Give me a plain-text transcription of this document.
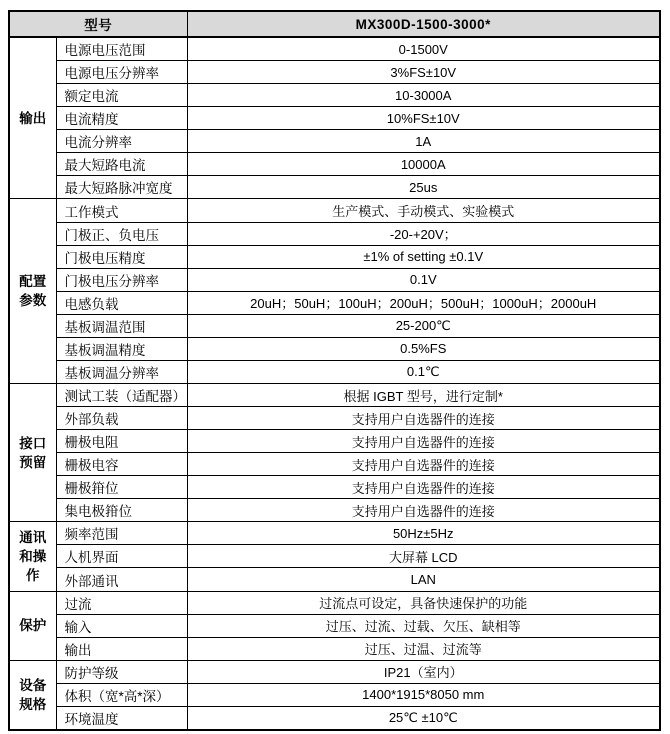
型号		MX300D-1500-3000*
输出	电源电压范围	0-1500V
	电源电压分辨率	3%FS±10V
	额定电流	10-3000A
	电流精度	10%FS±10V
	电流分辨率	1A
	最大短路电流	10000A
	最大短路脉冲宽度	25us
配置参数	工作模式	生产模式、手动模式、实验模式
	门极正、负电压	-20-+20V；
	门极电压精度	±1% of setting ±0.1V
	门极电压分辨率	0.1V
	电感负载	20uH；50uH；100uH；200uH；500uH；1000uH；2000uH
	基板调温范围	25-200℃
	基板调温精度	0.5%FS
	基板调温分辨率	0.1℃
接口预留	测试工装（适配器）	根据 IGBT 型号，进行定制*
	外部负载	支持用户自选器件的连接
	栅极电阻	支持用户自选器件的连接
	栅极电容	支持用户自选器件的连接
	栅极箝位	支持用户自选器件的连接
	集电极箝位	支持用户自选器件的连接
通讯和操作	频率范围	50Hz±5Hz
	人机界面	大屏幕 LCD
	外部通讯	LAN
保护	过流	过流点可设定，具备快速保护的功能
	输入	过压、过流、过载、欠压、缺相等
	输出	过压、过温、过流等
设备规格	防护等级	IP21（室内）
	体积（宽*高*深）	1400*1915*8050 mm
	环境温度	25℃ ±10℃
